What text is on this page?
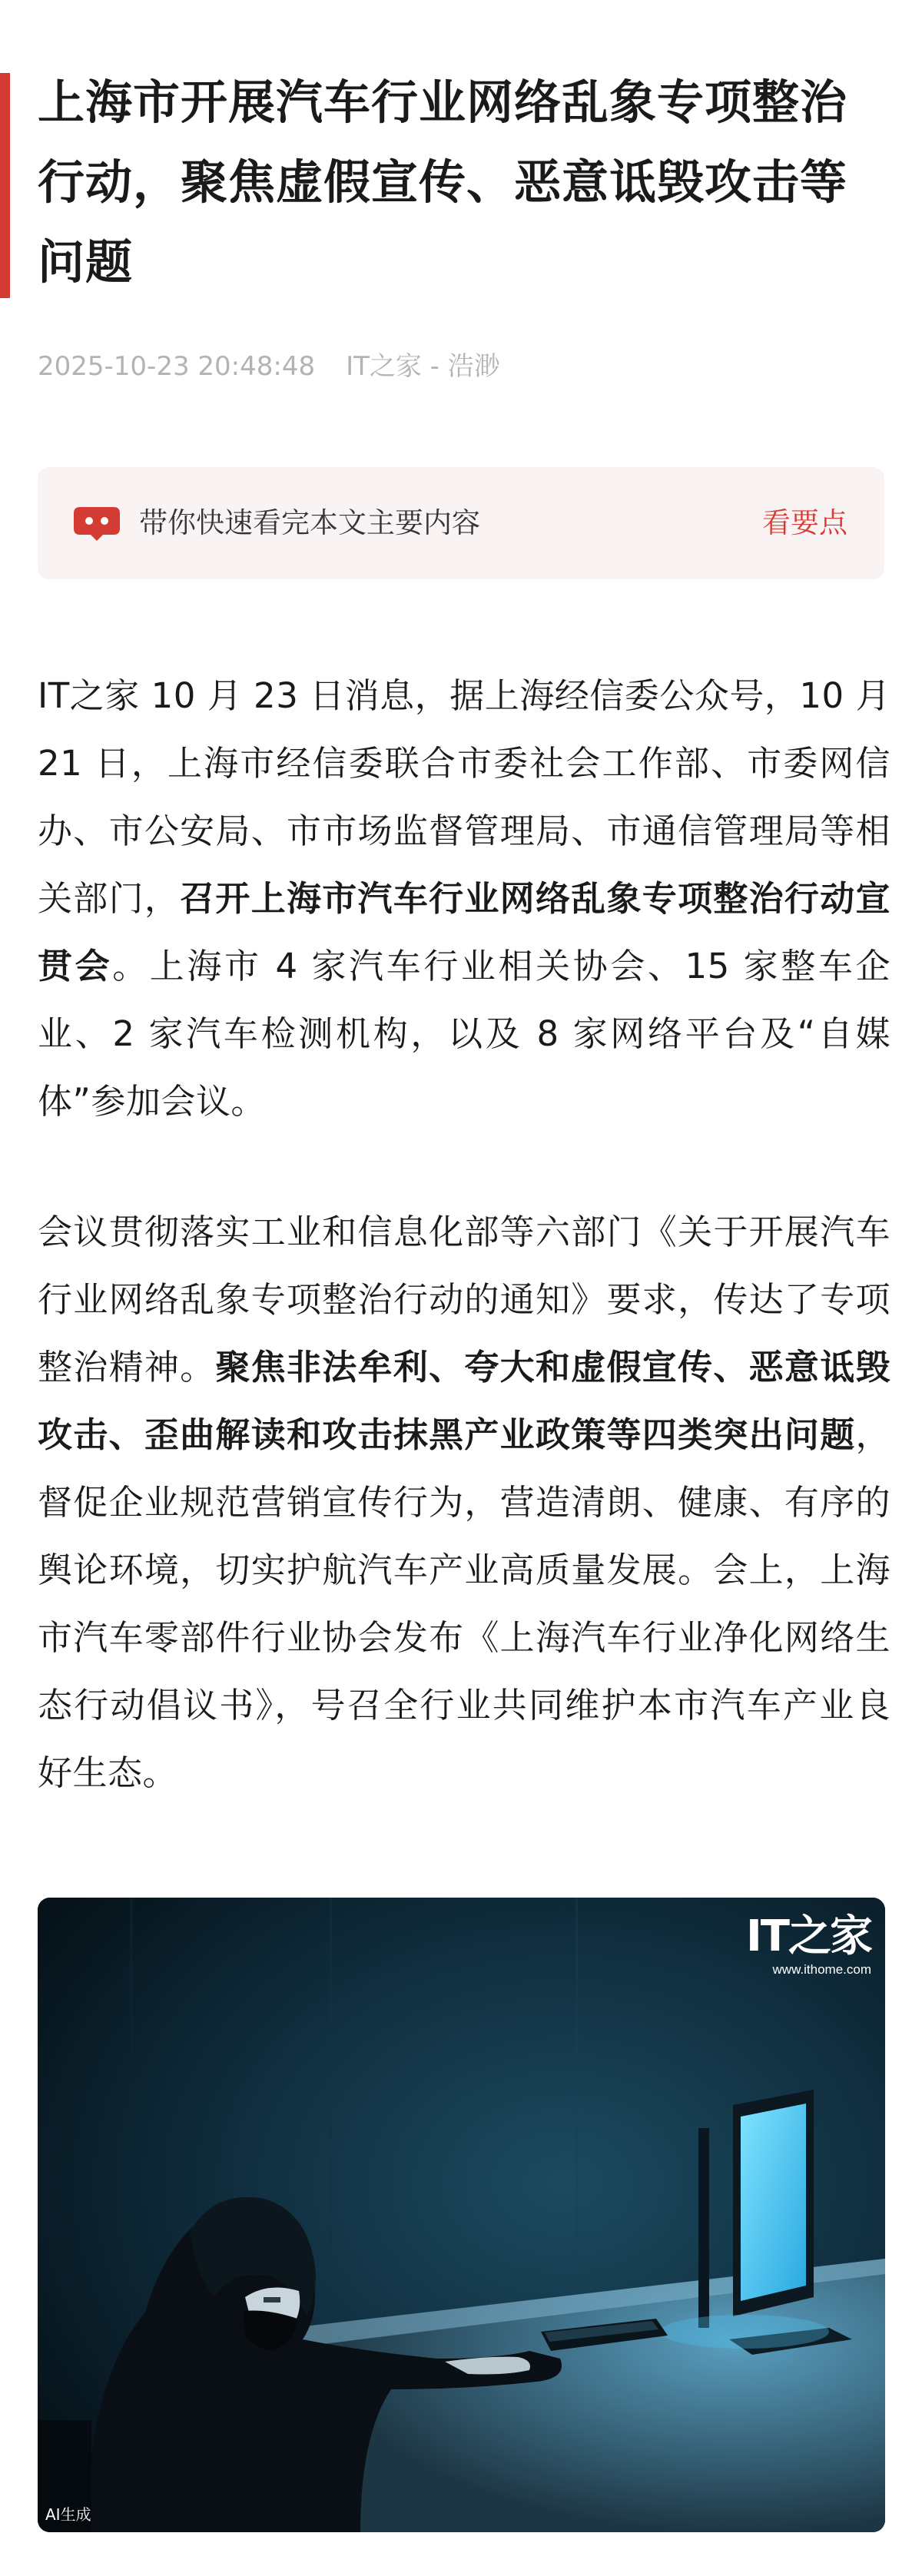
上海市开展汽车行业网络乱象专项整治行动，聚焦虚假宣传、恶意诋毁攻击等问题
2025-10-23 20:48:48 IT之家 - 浩渺
带你快速看完本文主要内容	看要点

IT之家 10 月 23 日消息，据上海经信委公众号，10 月 21 日，上海市经信委联合市委社会工作部、市委网信办、市公安局、市市场监督管理局、市通信管理局等相关部门，召开上海市汽车行业网络乱象专项整治行动宣贯会。上海市 4 家汽车行业相关协会、15 家整车企业、2 家汽车检测机构，以及 8 家网络平台及“自媒体”参加会议。

会议贯彻落实工业和信息化部等六部门《关于开展汽车行业网络乱象专项整治行动的通知》要求，传达了专项整治精神。聚焦非法牟利、夸大和虚假宣传、恶意诋毁攻击、歪曲解读和攻击抹黑产业政策等四类突出问题，督促企业规范营销宣传行为，营造清朗、健康、有序的舆论环境，切实护航汽车产业高质量发展。会上，上海市汽车零部件行业协会发布《上海汽车行业净化网络生态行动倡议书》，号召全行业共同维护本市汽车产业良好生态。

IT之家
www.ithome.com
AI生成
